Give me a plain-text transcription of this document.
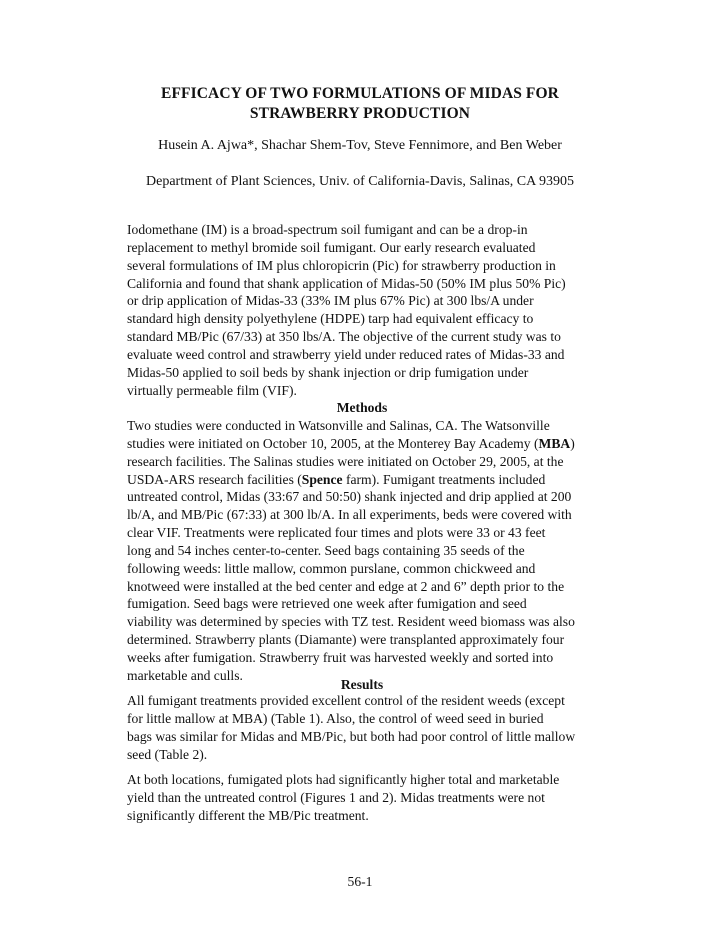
EFFICACY OF TWO FORMULATIONS OF MIDAS FOR
STRAWBERRY PRODUCTION
Husein A. Ajwa*, Shachar Shem-Tov, Steve Fennimore, and Ben Weber
Department of Plant Sciences, Univ. of California-Davis, Salinas, CA 93905
Iodomethane (IM) is a broad-spectrum soil fumigant and can be a drop-in
replacement to methyl bromide soil fumigant. Our early research evaluated
several formulations of IM plus chloropicrin (Pic) for strawberry production in
California and found that shank application of Midas-50 (50% IM plus 50% Pic)
or drip application of Midas-33 (33% IM plus 67% Pic) at 300 lbs/A under
standard high density polyethylene (HDPE) tarp had equivalent efficacy to
standard MB/Pic (67/33) at 350 lbs/A. The objective of the current study was to
evaluate weed control and strawberry yield under reduced rates of Midas-33 and
Midas-50 applied to soil beds by shank injection or drip fumigation under
virtually permeable film (VIF).
Methods
Two studies were conducted in Watsonville and Salinas, CA. The Watsonville
studies were initiated on October 10, 2005, at the Monterey Bay Academy (MBA)
research facilities. The Salinas studies were initiated on October 29, 2005, at the
USDA-ARS research facilities (Spence farm). Fumigant treatments included
untreated control, Midas (33:67 and 50:50) shank injected and drip applied at 200
lb/A, and MB/Pic (67:33) at 300 lb/A. In all experiments, beds were covered with
clear VIF. Treatments were replicated four times and plots were 33 or 43 feet
long and 54 inches center-to-center. Seed bags containing 35 seeds of the
following weeds: little mallow, common purslane, common chickweed and
knotweed were installed at the bed center and edge at 2 and 6” depth prior to the
fumigation. Seed bags were retrieved one week after fumigation and seed
viability was determined by species with TZ test. Resident weed biomass was also
determined. Strawberry plants (Diamante) were transplanted approximately four
weeks after fumigation. Strawberry fruit was harvested weekly and sorted into
marketable and culls.
Results
All fumigant treatments provided excellent control of the resident weeds (except
for little mallow at MBA) (Table 1). Also, the control of weed seed in buried
bags was similar for Midas and MB/Pic, but both had poor control of little mallow
seed (Table 2).
At both locations, fumigated plots had significantly higher total and marketable
yield than the untreated control (Figures 1 and 2). Midas treatments were not
significantly different the MB/Pic treatment.
56-1
